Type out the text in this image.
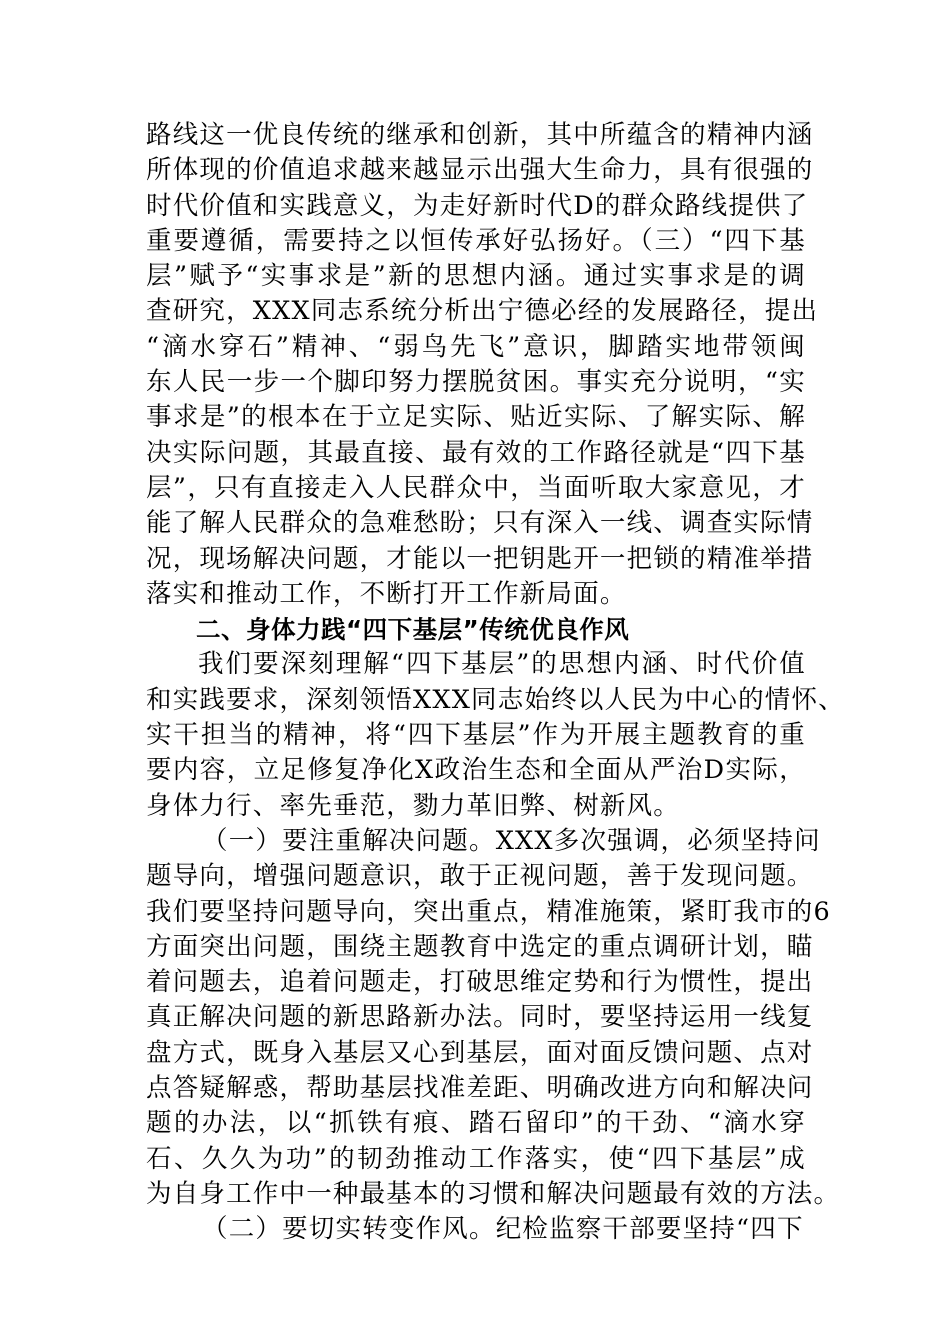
路线这一优良传统的继承和创新，其中所蕴含的精神内涵
所体现的价值追求越来越显示出强大生命力，具有很强的
时代价值和实践意义，为走好新时代D的群众路线提供了
重要遵循，需要持之以恒传承好弘扬好。（三）“四下基
层”赋予“实事求是”新的思想内涵。通过实事求是的调
查研究，XXX同志系统分析出宁德必经的发展路径，提出
“滴水穿石”精神、“弱鸟先飞”意识，脚踏实地带领闽
东人民一步一个脚印努力摆脱贫困。事实充分说明，“实
事求是”的根本在于立足实际、贴近实际、了解实际、解
决实际问题，其最直接、最有效的工作路径就是“四下基
层”，只有直接走入人民群众中，当面听取大家意见，才
能了解人民群众的急难愁盼；只有深入一线、调查实际情
况，现场解决问题，才能以一把钥匙开一把锁的精准举措
落实和推动工作，不断打开工作新局面。
二、身体力践“四下基层”传统优良作风
我们要深刻理解“四下基层”的思想内涵、时代价值
和实践要求，深刻领悟XXX同志始终以人民为中心的情怀、
实干担当的精神，将“四下基层”作为开展主题教育的重
要内容，立足修复净化X政治生态和全面从严治D实际，
身体力行、率先垂范，勠力革旧弊、树新风。
（一）要注重解决问题。XXX多次强调，必须坚持问
题导向，增强问题意识，敢于正视问题，善于发现问题。
我们要坚持问题导向，突出重点，精准施策，紧盯我市的6
方面突出问题，围绕主题教育中选定的重点调研计划，瞄
着问题去，追着问题走，打破思维定势和行为惯性，提出
真正解决问题的新思路新办法。同时，要坚持运用一线复
盘方式，既身入基层又心到基层，面对面反馈问题、点对
点答疑解惑，帮助基层找准差距、明确改进方向和解决问
题的办法，以“抓铁有痕、踏石留印”的干劲、“滴水穿
石、久久为功”的韧劲推动工作落实，使“四下基层”成
为自身工作中一种最基本的习惯和解决问题最有效的方法。
（二）要切实转变作风。纪检监察干部要坚持“四下
